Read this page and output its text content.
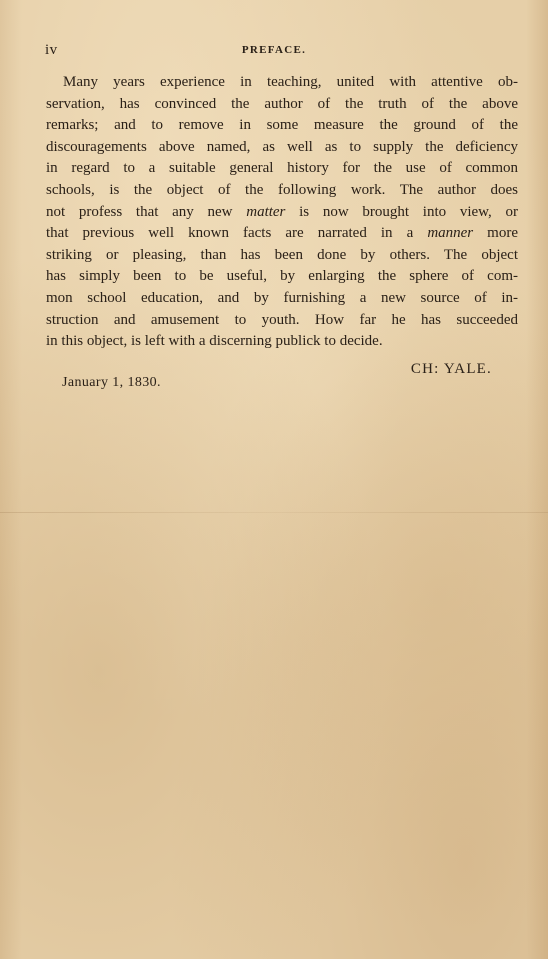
iv	PREFACE.
Many years experience in teaching, united with attentive ob-
servation, has convinced the author of the truth of the above
remarks; and to remove in some measure the ground of the
discouragements above named, as well as to supply the deficiency
in regard to a suitable general history for the use of common
schools, is the object of the following work. The author does
not profess that any new matter is now brought into view, or
that previous well known facts are narrated in a manner more
striking or pleasing, than has been done by others. The object
has simply been to be useful, by enlarging the sphere of com-
mon school education, and by furnishing a new source of in-
struction and amusement to youth. How far he has succeeded
in this object, is left with a discerning publick to decide.
CH: YALE.
January 1, 1830.
